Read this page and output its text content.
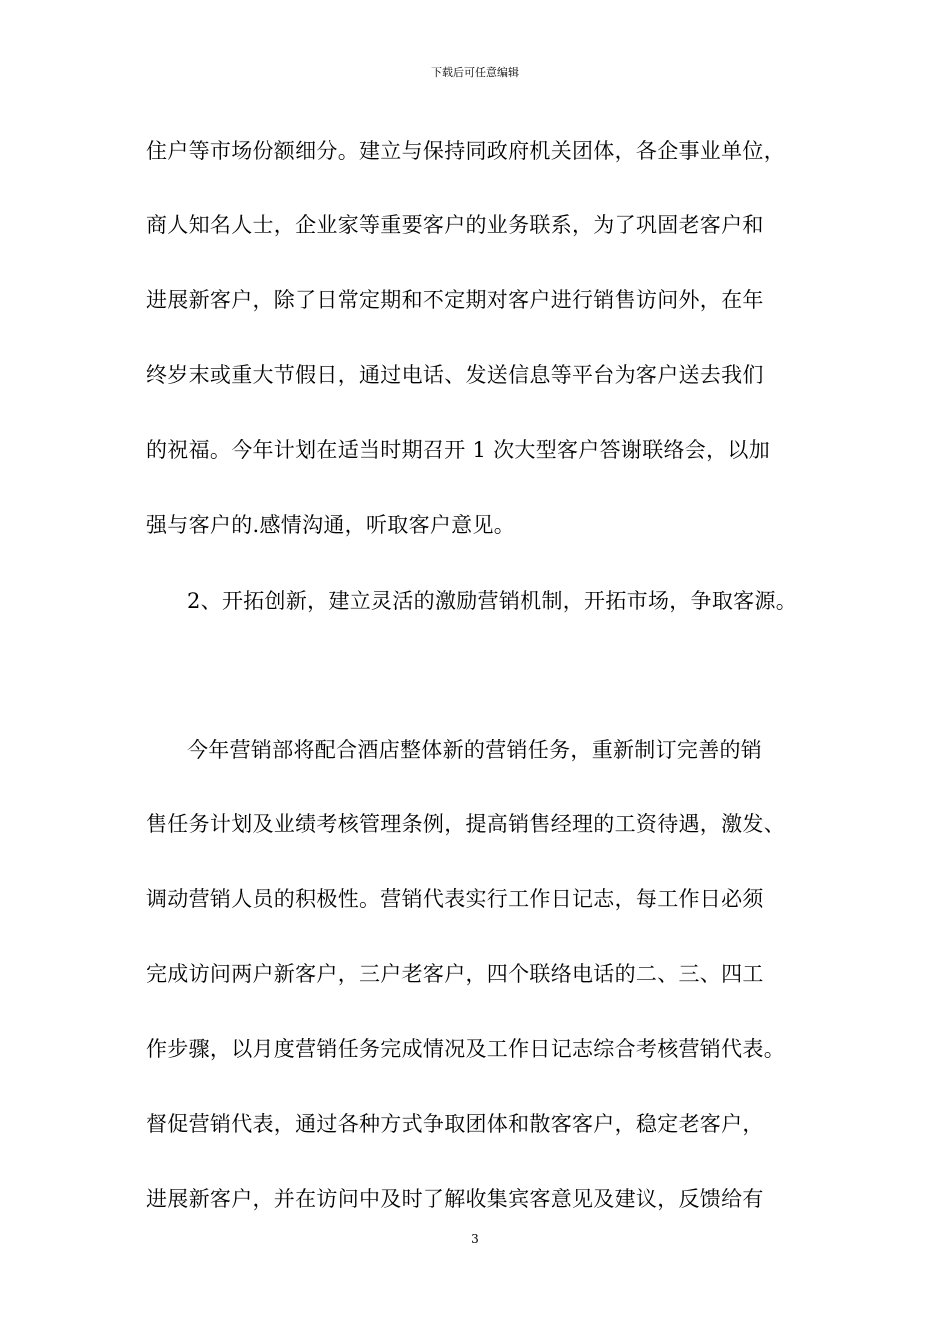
下载后可任意编辑
住户等市场份额细分。建立与保持同政府机关团体，各企事业单位，
商人知名人士，企业家等重要客户的业务联系，为了巩固老客户和
进展新客户，除了日常定期和不定期对客户进行销售访问外，在年
终岁末或重大节假日，通过电话、发送信息等平台为客户送去我们
的祝福。今年计划在适当时期召开 1 次大型客户答谢联络会，以加
强与客户的.感情沟通，听取客户意见。
2、开拓创新，建立灵活的激励营销机制，开拓市场，争取客源。
今年营销部将配合酒店整体新的营销任务，重新制订完善的销
售任务计划及业绩考核管理条例，提高销售经理的工资待遇，激发、
调动营销人员的积极性。营销代表实行工作日记志，每工作日必须
完成访问两户新客户，三户老客户，四个联络电话的二、三、四工
作步骤，以月度营销任务完成情况及工作日记志综合考核营销代表。
督促营销代表，通过各种方式争取团体和散客客户，稳定老客户，
进展新客户，并在访问中及时了解收集宾客意见及建议，反馈给有
3
